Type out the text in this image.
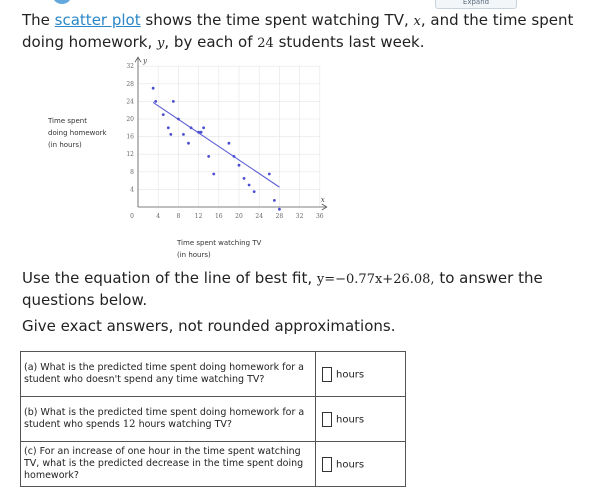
Expand
The scatter plot shows the time spent watching TV, x, and the time spent doing homework, y, by each of 24 students last week.
Time spent
doing homework
(in hours)
4	8 12 16 20 24 28 32 36
4
8
12
16
20
24
28
32
0
y
x
Time spent watching TV
(in hours)
Use the equation of the line of best fit, y=−0.77x+26.08, to answer the questions below.
Give exact answers, not rounded approximations.
(a) What is the predicted time spent doing homework for a student who doesn't spend any time watching TV?	hours
(b) What is the predicted time spent doing homework for a student who spends 12 hours watching TV?	hours
(c) For an increase of one hour in the time spent watching TV, what is the predicted decrease in the time spent doing homework?	hours
